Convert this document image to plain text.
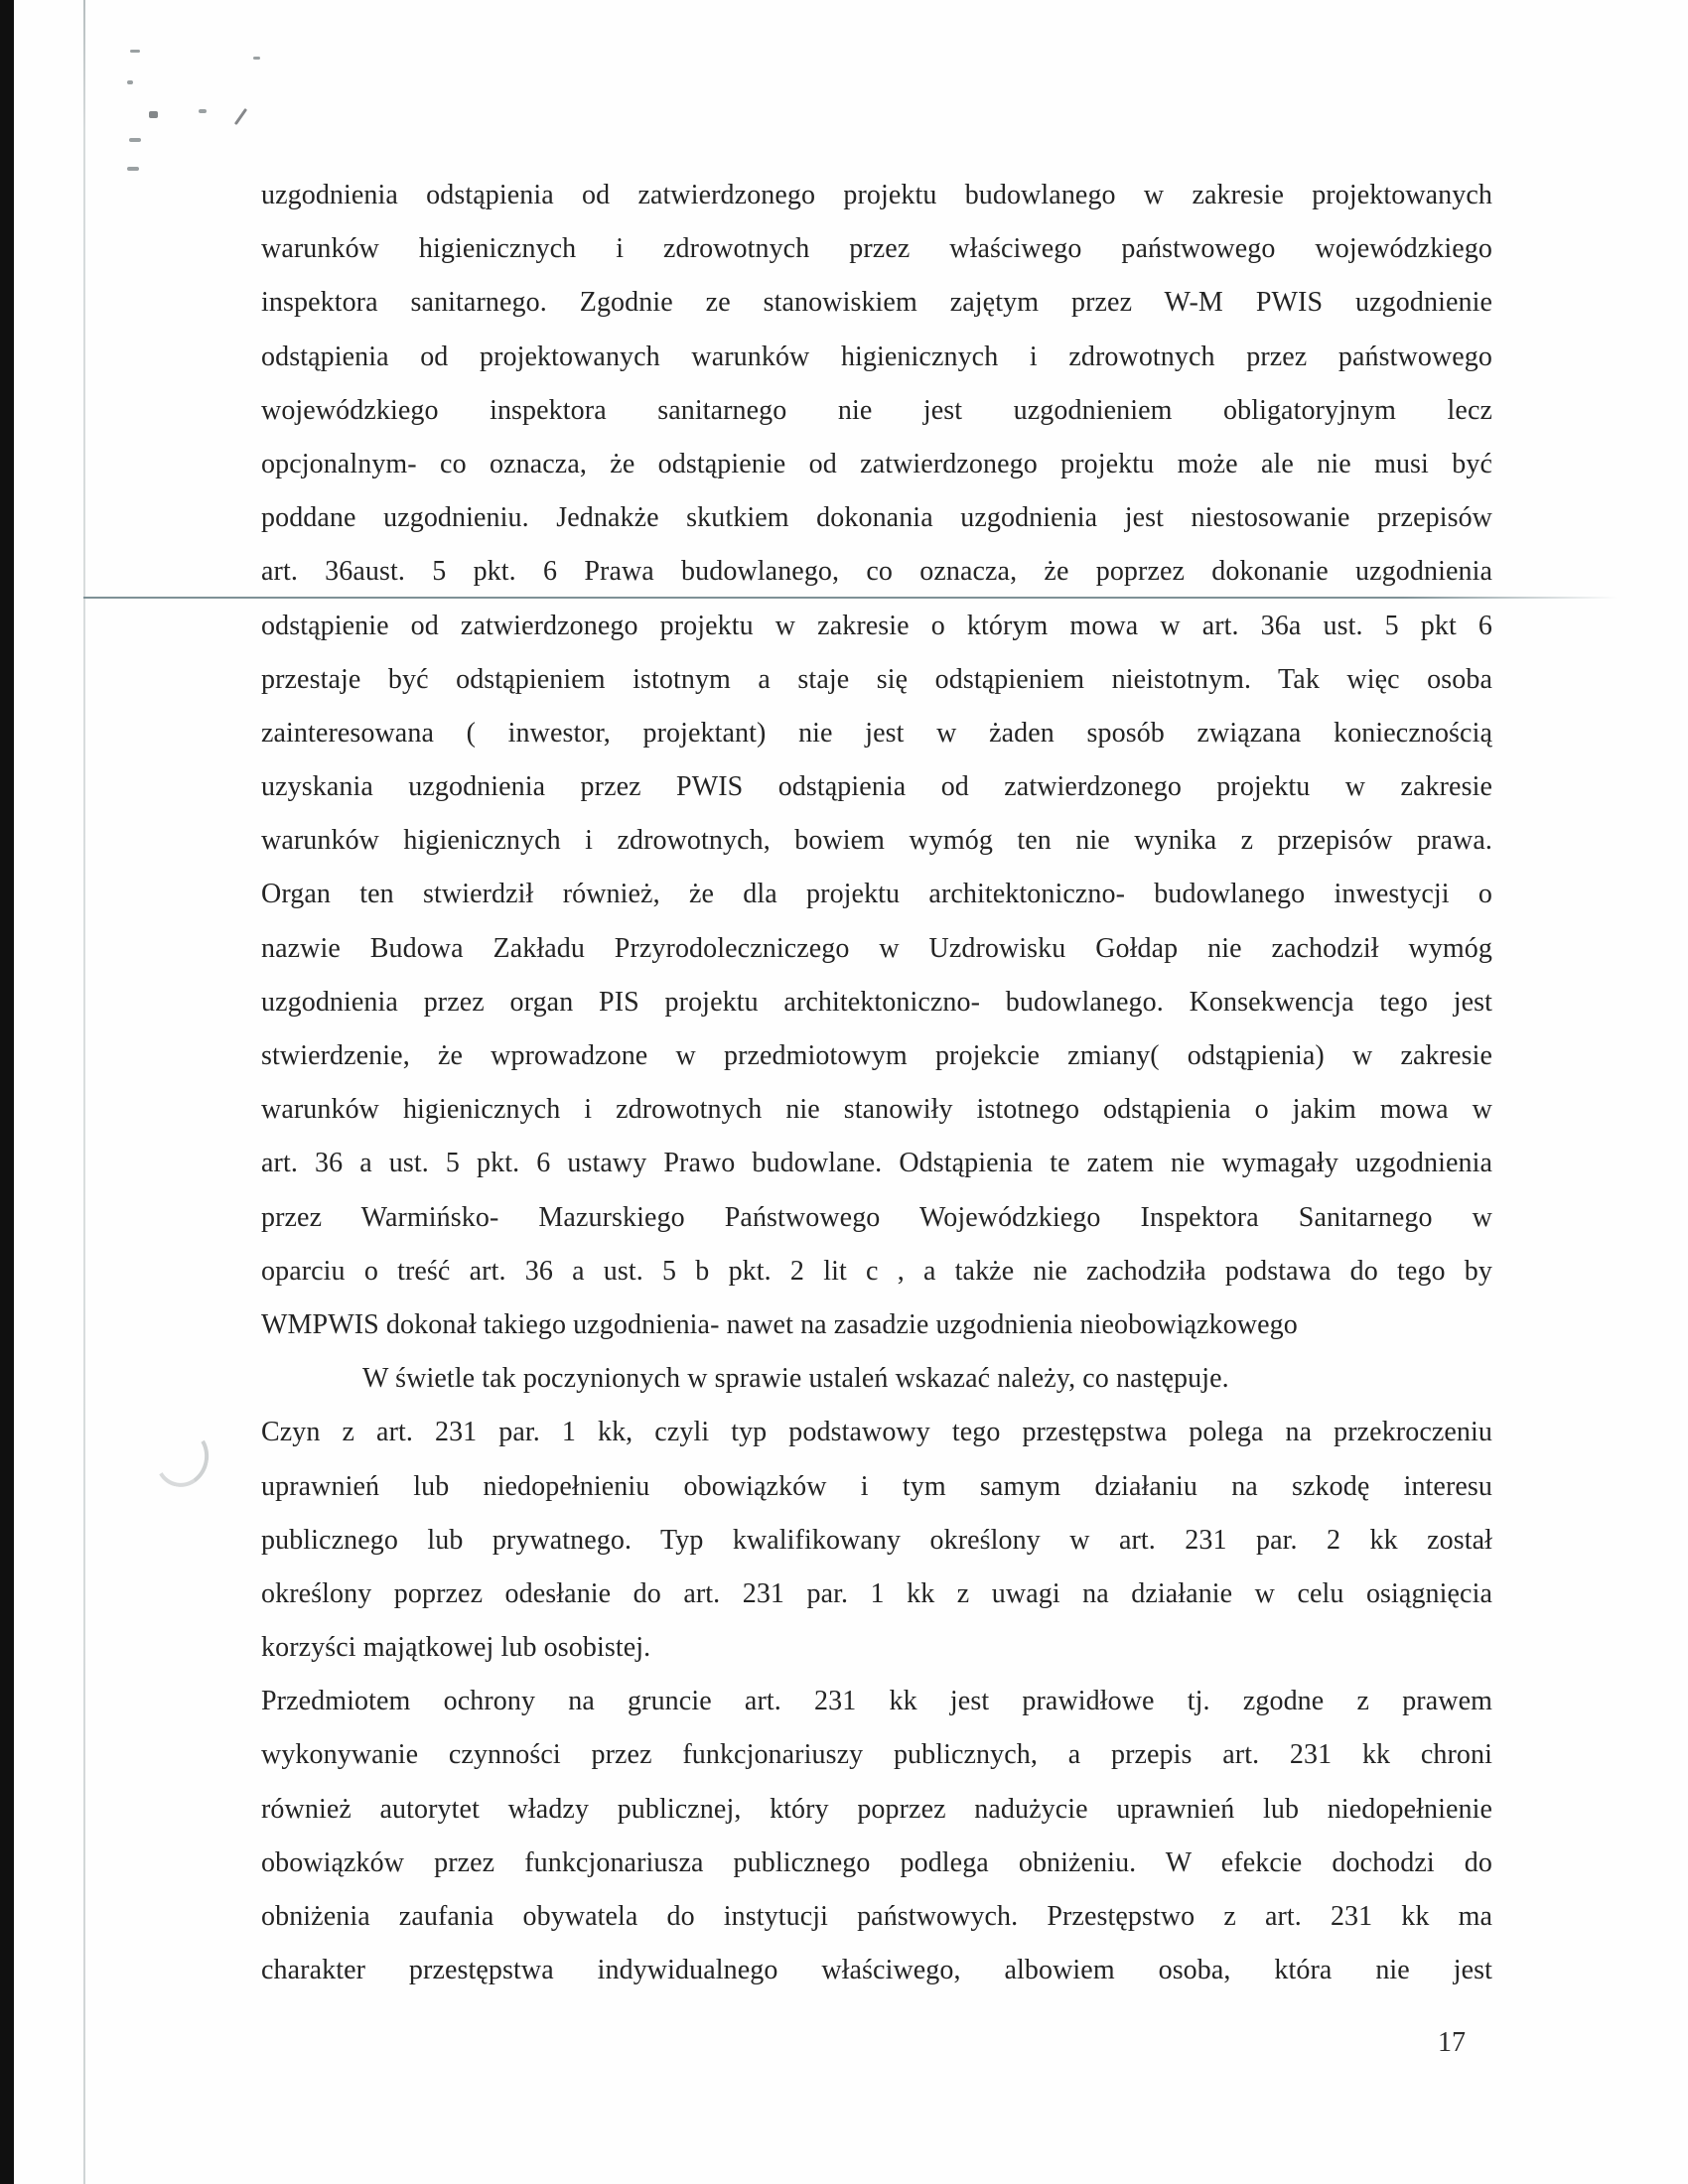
uzgodnienia odstąpienia od zatwierdzonego projektu budowlanego w zakresie projektowanych
warunków higienicznych i zdrowotnych przez właściwego państwowego wojewódzkiego
inspektora sanitarnego. Zgodnie ze stanowiskiem zajętym przez W-M PWIS uzgodnienie
odstąpienia od projektowanych warunków higienicznych i zdrowotnych przez państwowego
wojewódzkiego inspektora sanitarnego nie jest uzgodnieniem obligatoryjnym lecz
opcjonalnym- co oznacza, że odstąpienie od zatwierdzonego projektu może ale nie musi być
poddane uzgodnieniu. Jednakże skutkiem dokonania uzgodnienia jest niestosowanie przepisów
art. 36aust. 5 pkt. 6 Prawa budowlanego, co oznacza, że poprzez dokonanie uzgodnienia
odstąpienie od zatwierdzonego projektu w zakresie o którym mowa w art. 36a ust. 5 pkt 6
przestaje być odstąpieniem istotnym a staje się odstąpieniem nieistotnym. Tak więc osoba
zainteresowana ( inwestor, projektant) nie jest w żaden sposób związana koniecznością
uzyskania uzgodnienia przez PWIS odstąpienia od zatwierdzonego projektu w zakresie
warunków higienicznych i zdrowotnych, bowiem wymóg ten nie wynika z przepisów prawa.
Organ ten stwierdził również, że dla projektu architektoniczno- budowlanego inwestycji o
nazwie Budowa Zakładu Przyrodoleczniczego w Uzdrowisku Gołdap nie zachodził wymóg
uzgodnienia przez organ PIS projektu architektoniczno- budowlanego. Konsekwencja tego jest
stwierdzenie, że wprowadzone w przedmiotowym projekcie zmiany( odstąpienia) w zakresie
warunków higienicznych i zdrowotnych nie stanowiły istotnego odstąpienia o jakim mowa w
art. 36 a ust. 5 pkt. 6 ustawy Prawo budowlane. Odstąpienia te zatem nie wymagały uzgodnienia
przez Warmińsko- Mazurskiego Państwowego Wojewódzkiego Inspektora Sanitarnego w
oparciu o treść art. 36 a ust. 5 b pkt. 2 lit c , a także nie zachodziła podstawa do tego by
WMPWIS dokonał takiego uzgodnienia- nawet na zasadzie uzgodnienia nieobowiązkowego
W świetle tak poczynionych w sprawie ustaleń wskazać należy, co następuje.
Czyn z art. 231 par. 1 kk, czyli typ podstawowy tego przestępstwa polega na przekroczeniu
uprawnień lub niedopełnieniu obowiązków i tym samym działaniu na szkodę interesu
publicznego lub prywatnego. Typ kwalifikowany określony w art. 231 par. 2 kk został
określony poprzez odesłanie do art. 231 par. 1 kk z uwagi na działanie w celu osiągnięcia
korzyści majątkowej lub osobistej.
Przedmiotem ochrony na gruncie art. 231 kk jest prawidłowe tj. zgodne z prawem
wykonywanie czynności przez funkcjonariuszy publicznych, a przepis art. 231 kk chroni
również autorytet władzy publicznej, który poprzez nadużycie uprawnień lub niedopełnienie
obowiązków przez funkcjonariusza publicznego podlega obniżeniu. W efekcie dochodzi do
obniżenia zaufania obywatela do instytucji państwowych. Przestępstwo z art. 231 kk ma
charakter przestępstwa indywidualnego właściwego, albowiem osoba, która nie jest
17
